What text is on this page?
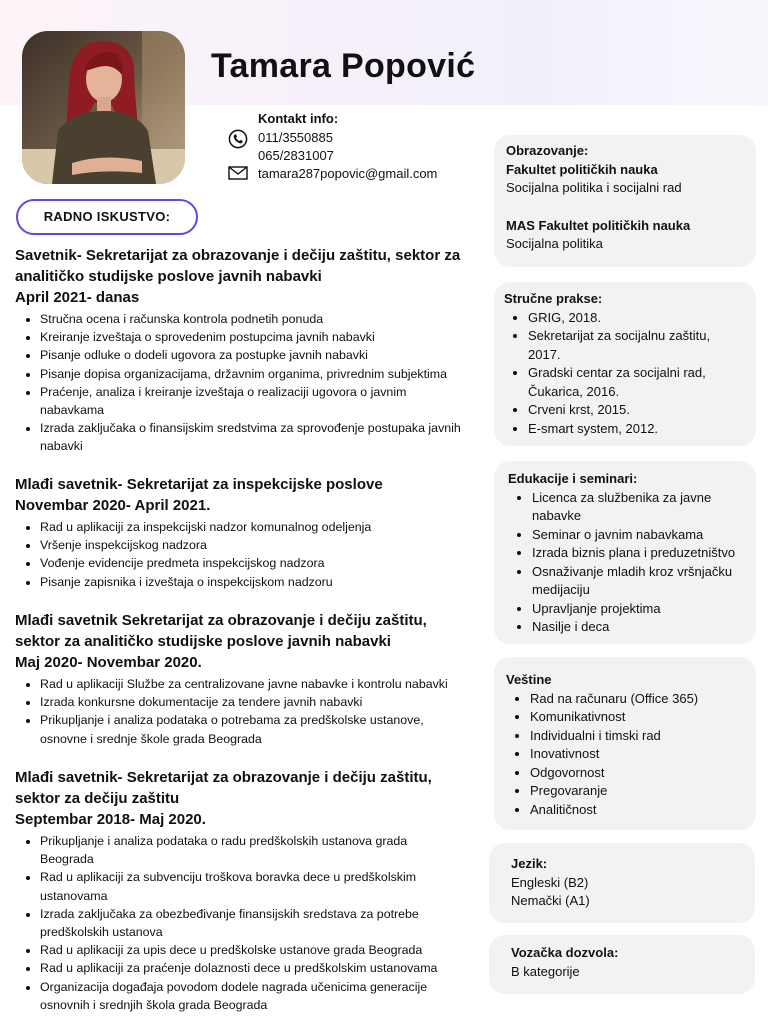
Tamara Popović
Kontakt info:
011/3550885
065/2831007
tamara287popovic@gmail.com
RADNO ISKUSTVO:
Savetnik- Sekretarijat za obrazovanje i dečiju zaštitu, sektor za
analitičko studijske poslove javnih nabavki
April 2021- danas
• Stručna ocena i računska kontrola podnetih ponuda
• Kreiranje izveštaja o sprovedenim postupcima javnih nabavki
• Pisanje odluke o dodeli ugovora za postupke javnih nabavki
• Pisanje dopisa organizacijama, državnim organima, privrednim subjektima
• Praćenje, analiza i kreiranje izveštaja o realizaciji ugovora o javnim nabavkama
• Izrada zaključaka o finansijskim sredstvima za sprovođenje postupaka javnih nabavki
Mlađi savetnik- Sekretarijat za inspekcijske poslove
Novembar 2020- April 2021.
• Rad u aplikaciji za inspekcijski nadzor komunalnog odeljenja
• Vršenje inspekcijskog nadzora
• Vođenje evidencije predmeta inspekcijskog nadzora
• Pisanje zapisnika i izveštaja o inspekcijskom nadzoru
Mlađi savetnik Sekretarijat za obrazovanje i dečiju zaštitu,
sektor za analitičko studijske poslove javnih nabavki
Maj 2020- Novembar 2020.
• Rad u aplikaciji Službe za centralizovane javne nabavke i kontrolu nabavki
• Izrada konkursne dokumentacije za tendere javnih nabavki
• Prikupljanje i analiza podataka o potrebama za predškolske ustanove, osnovne i srednje škole grada Beograda
Mlađi savetnik- Sekretarijat za obrazovanje i dečiju zaštitu,
sektor za dečiju zaštitu
Septembar 2018- Maj 2020.
• Prikupljanje i analiza podataka o radu predškolskih ustanova grada Beograda
• Rad u aplikaciji za subvenciju troškova boravka dece u predškolskim ustanovama
• Izrada zaključaka za obezbeđivanje finansijskih sredstava za potrebe predškolskih ustanova
• Rad u aplikaciji za upis dece u predškolske ustanove grada Beograda
• Rad u aplikaciji za praćenje dolaznosti dece u predškolskim ustanovama
• Organizacija događaja povodom dodele nagrada učenicima generacije osnovnih i srednjih škola grada Beograda
Obrazovanje:
Fakultet političkih nauka
Socijalna politika i socijalni rad
MAS Fakultet političkih nauka
Socijalna politika
Stručne prakse:
• GRIG, 2018.
• Sekretarijat za socijalnu zaštitu, 2017.
• Gradski centar za socijalni rad, Čukarica, 2016.
• Crveni krst, 2015.
• E-smart system, 2012.
Edukacije i seminari:
• Licenca za službenika za javne nabavke
• Seminar o javnim nabavkama
• Izrada biznis plana i preduzetništvo
• Osnaživanje mladih kroz vršnjačku medijaciju
• Upravljanje projektima
• Nasilje i deca
Veštine
• Rad na računaru (Office 365)
• Komunikativnost
• Individualni i timski rad
• Inovativnost
• Odgovornost
• Pregovaranje
• Analitičnost
Jezik:
Engleski (B2)
Nemački (A1)
Vozačka dozvola:
B kategorije
